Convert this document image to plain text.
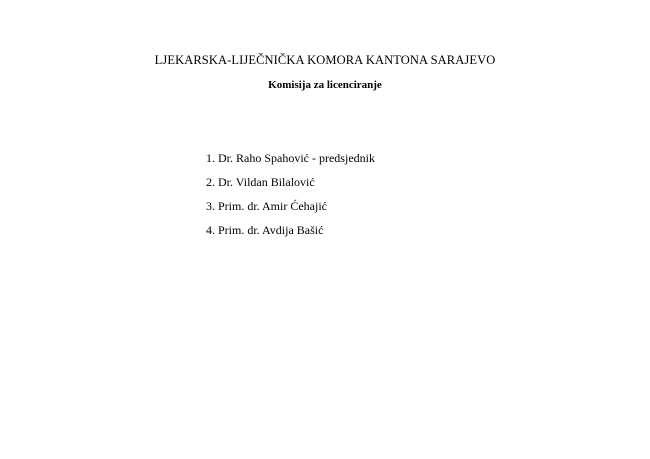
LJEKARSKA-LIJEČNIČKA KOMORA KANTONA SARAJEVO
Komisija za licenciranje
1. Dr. Raho Spahović - predsjednik
2. Dr. Vildan Bilalović
3. Prim. dr. Amir Ćehajić
4. Prim. dr. Avdija Bašić
